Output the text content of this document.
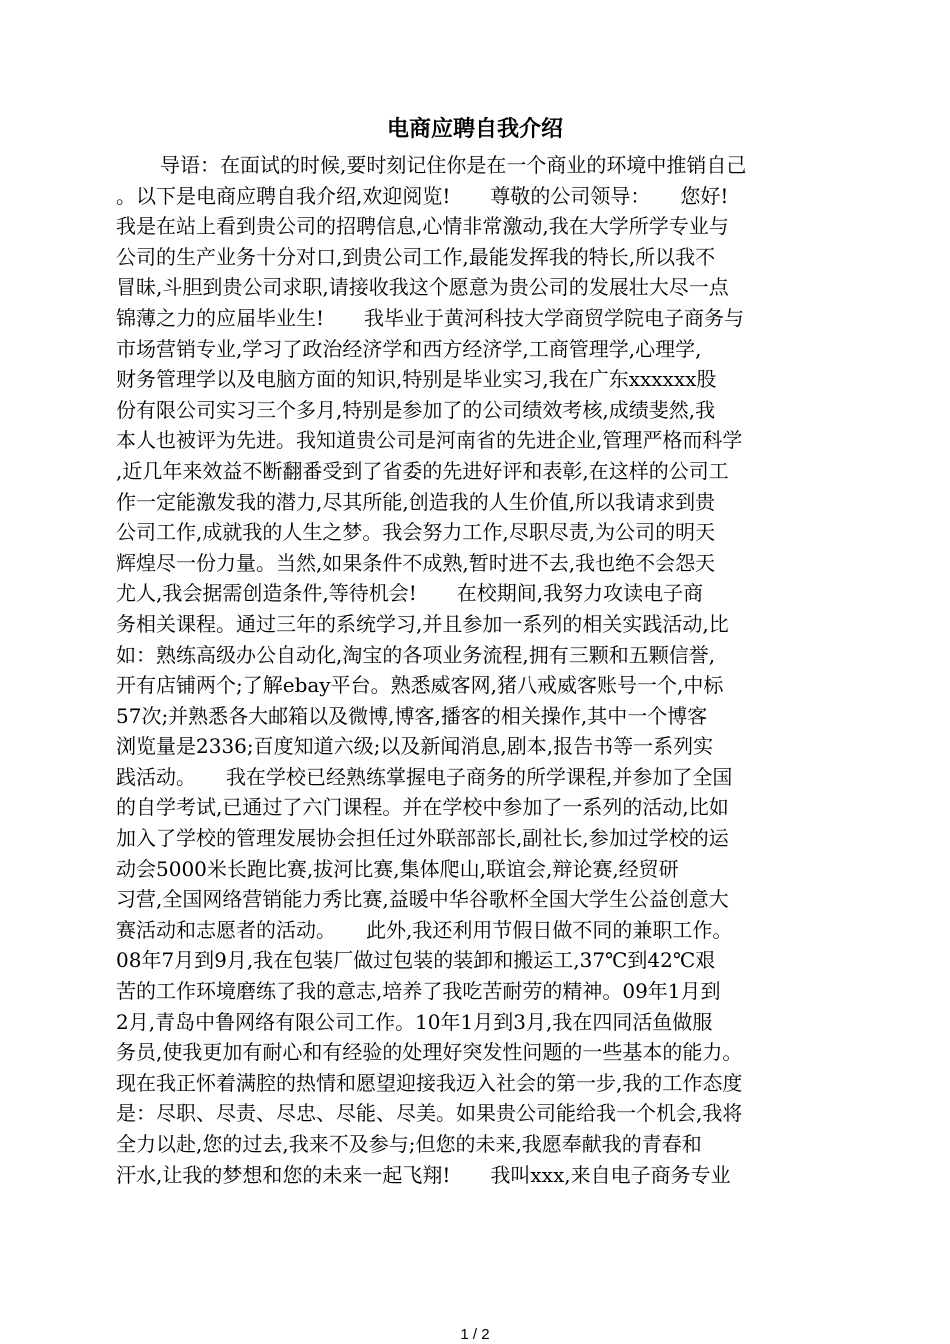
电商应聘自我介绍
导语：在面试的时候,要时刻记住你是在一个商业的环境中推销自己
。以下是电商应聘自我介绍,欢迎阅览!　　尊敬的公司领导：　　您好!
我是在站上看到贵公司的招聘信息,心情非常激动,我在大学所学专业与
公司的生产业务十分对口,到贵公司工作,最能发挥我的特长,所以我不
冒昧,斗胆到贵公司求职,请接收我这个愿意为贵公司的发展壮大尽一点
锦薄之力的应届毕业生!　　我毕业于黄河科技大学商贸学院电子商务与
市场营销专业,学习了政治经济学和西方经济学,工商管理学,心理学,
财务管理学以及电脑方面的知识,特别是毕业实习,我在广东xxxxxx股
份有限公司实习三个多月,特别是参加了的公司绩效考核,成绩斐然,我
本人也被评为先进。我知道贵公司是河南省的先进企业,管理严格而科学
,近几年来效益不断翻番受到了省委的先进好评和表彰,在这样的公司工
作一定能激发我的潜力,尽其所能,创造我的人生价值,所以我请求到贵
公司工作,成就我的人生之梦。我会努力工作,尽职尽责,为公司的明天
辉煌尽一份力量。当然,如果条件不成熟,暂时进不去,我也绝不会怨天
尤人,我会据需创造条件,等待机会!　　在校期间,我努力攻读电子商
务相关课程。通过三年的系统学习,并且参加一系列的相关实践活动,比
如：熟练高级办公自动化,淘宝的各项业务流程,拥有三颗和五颗信誉,
开有店铺两个;了解ebay平台。熟悉威客网,猪八戒威客账号一个,中标
57次;并熟悉各大邮箱以及微博,博客,播客的相关操作,其中一个博客
浏览量是2336;百度知道六级;以及新闻消息,剧本,报告书等一系列实
践活动。　　我在学校已经熟练掌握电子商务的所学课程,并参加了全国
的自学考试,已通过了六门课程。并在学校中参加了一系列的活动,比如
加入了学校的管理发展协会担任过外联部部长,副社长,参加过学校的运
动会5000米长跑比赛,拔河比赛,集体爬山,联谊会,辩论赛,经贸研
习营,全国网络营销能力秀比赛,益暖中华谷歌杯全国大学生公益创意大
赛活动和志愿者的活动。　　此外,我还利用节假日做不同的兼职工作。
08年7月到9月,我在包装厂做过包装的装卸和搬运工,37℃到42℃艰
苦的工作环境磨练了我的意志,培养了我吃苦耐劳的精神。09年1月到
2月,青岛中鲁网络有限公司工作。10年1月到3月,我在四同活鱼做服
务员,使我更加有耐心和有经验的处理好突发性问题的一些基本的能力。
现在我正怀着满腔的热情和愿望迎接我迈入社会的第一步,我的工作态度
是：尽职、尽责、尽忠、尽能、尽美。如果贵公司能给我一个机会,我将
全力以赴,您的过去,我来不及参与;但您的未来,我愿奉献我的青春和
汗水,让我的梦想和您的未来一起飞翔!　　我叫xxx,来自电子商务专业
1 / 2
